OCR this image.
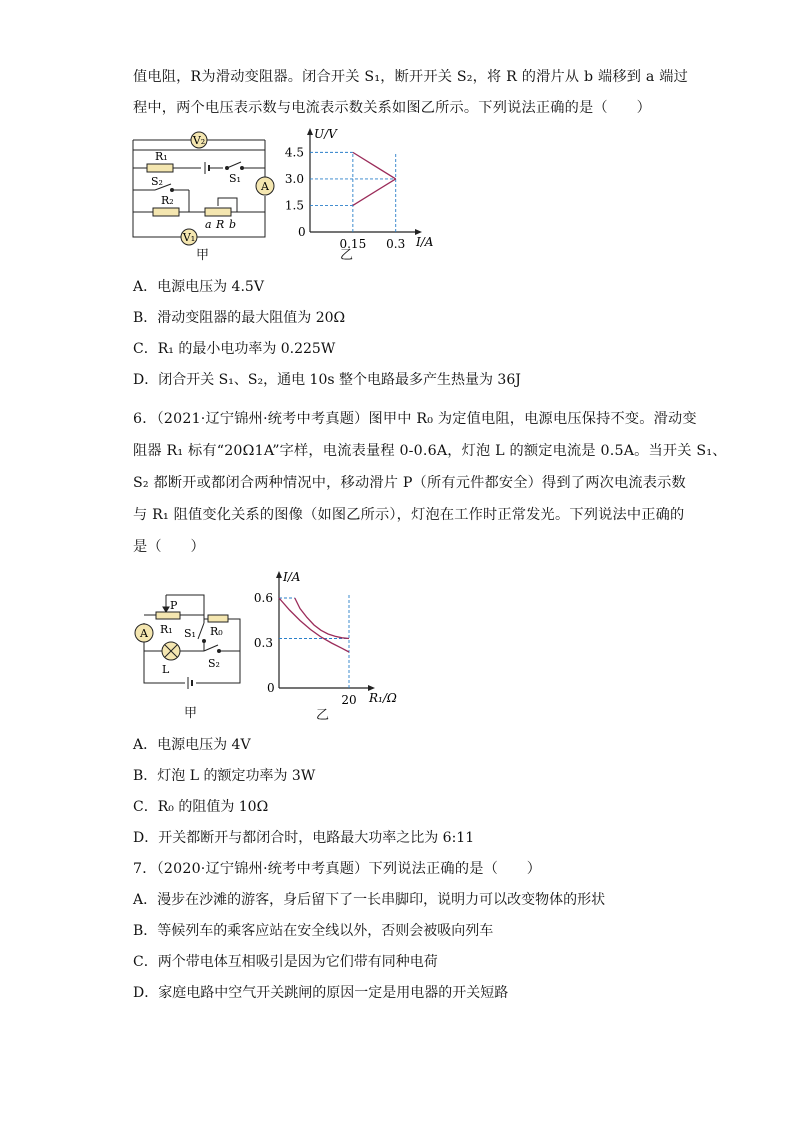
值电阻，R为滑动变阻器。闭合开关 S₁，断开开关 S₂，将 R 的滑片从 b 端移到 a 端过
程中，两个电压表示数与电流表示数关系如图乙所示。下列说法正确的是（　　）
V₂
A
V₁
R₁
S₁
S₂
R₂
a R b
甲
U/V
I/A
0
4.5
3.0
1.5
0.15 0.3
乙
A．电源电压为 4.5V
B．滑动变阻器的最大阻值为 20Ω
C．R₁ 的最小电功率为 0.225W
D．闭合开关 S₁、S₂，通电 10s 整个电路最多产生热量为 36J
6．（2021·辽宁锦州·统考中考真题）图甲中 R₀ 为定值电阻，电源电压保持不变。滑动变
阻器 R₁ 标有“20Ω1A”字样，电流表量程 0-0.6A，灯泡 L 的额定电流是 0.5A。当开关 S₁、
S₂ 都断开或都闭合两种情况中，移动滑片 P（所有元件都安全）得到了两次电流表示数
与 R₁ 阻值变化关系的图像（如图乙所示），灯泡在工作时正常发光。下列说法中正确的
是（　　）
A
P
R₁ S₁ R₀
L	S₂
甲
I/A
R₁/Ω
0
0.6
0.3
20
乙
A．电源电压为 4V
B．灯泡 L 的额定功率为 3W
C．R₀ 的阻值为 10Ω
D．开关都断开与都闭合时，电路最大功率之比为 6:11
7．（2020·辽宁锦州·统考中考真题）下列说法正确的是（　　）
A．漫步在沙滩的游客，身后留下了一长串脚印，说明力可以改变物体的形状
B．等候列车的乘客应站在安全线以外，否则会被吸向列车
C．两个带电体互相吸引是因为它们带有同种电荷
D．家庭电路中空气开关跳闸的原因一定是用电器的开关短路
